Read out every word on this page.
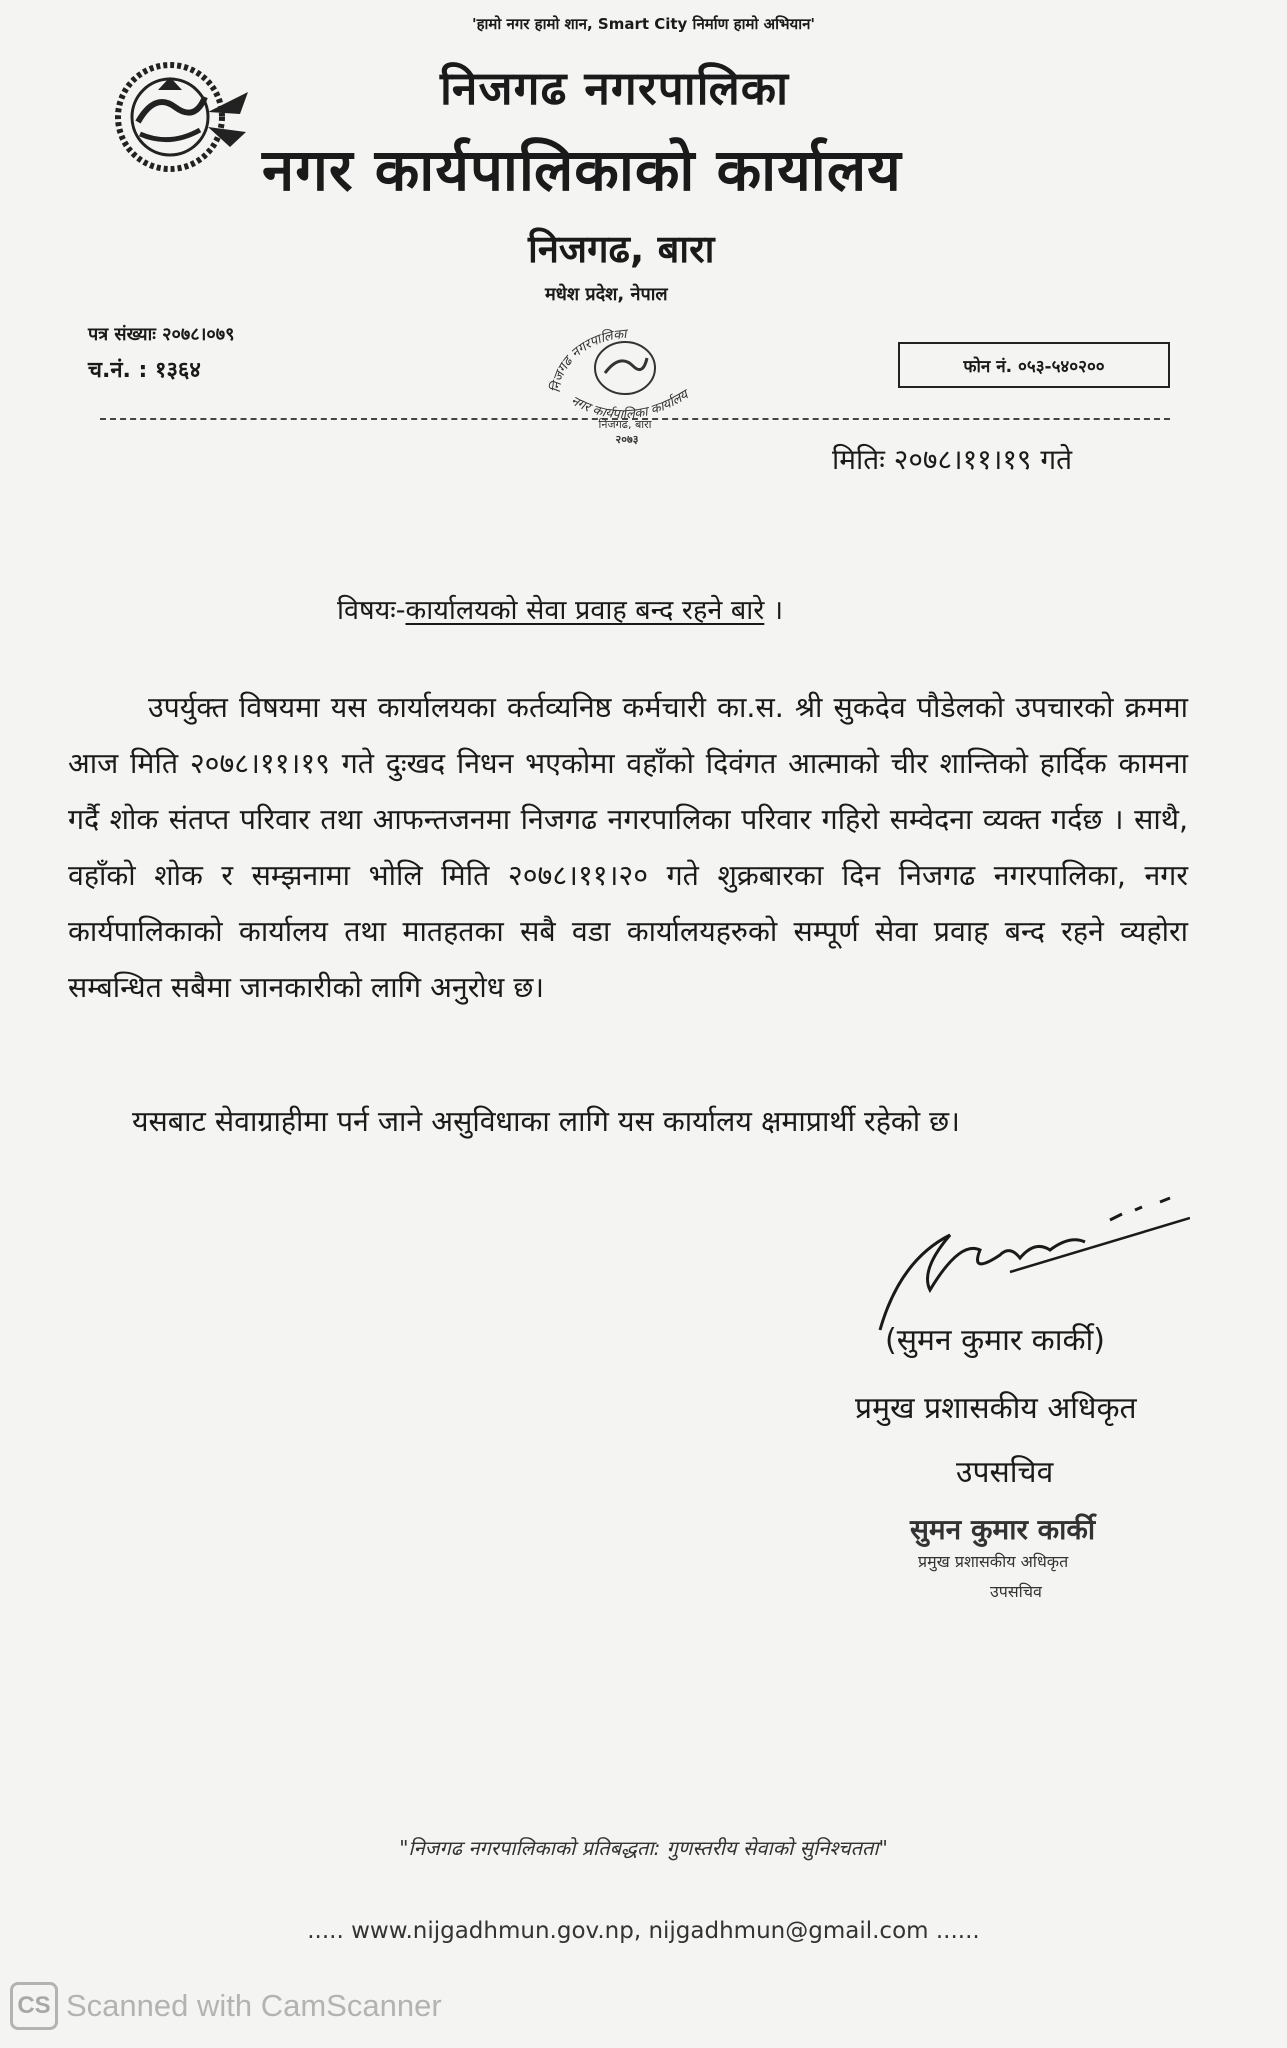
'हामो नगर हामो शान, Smart City निर्माण हामो अभियान'
निजगढ नगरपालिका
नगर कार्यपालिकाको कार्यालय
निजगढ, बारा
मधेश प्रदेश, नेपाल
निजगढ नगरपालिका
नगर कार्यपालिका कार्यालय
निजगढ, बारा
२०७३
पत्र संख्याः २०७८।०७९
च.नं. : १३६४	फोन नं. ०५३-५४०२००
मितिः २०७८।११।१९ गते
विषयः-कार्यालयको सेवा प्रवाह बन्द रहने बारे ।
उपर्युक्त विषयमा यस कार्यालयका कर्तव्यनिष्ठ कर्मचारी का.स. श्री सुकदेव पौडेलको उपचारको क्रममा आज मिति २०७८।११।१९ गते दुःखद निधन भएकोमा वहाँको दिवंगत आत्माको चीर शान्तिको हार्दिक कामना गर्दै शोक संतप्त परिवार तथा आफन्तजनमा निजगढ नगरपालिका परिवार गहिरो सम्वेदना व्यक्त गर्दछ । साथै, वहाँको शोक र सम्झनामा भोलि मिति २०७८।११।२० गते शुक्रबारका दिन निजगढ नगरपालिका, नगर कार्यपालिकाको कार्यालय तथा मातहतका सबै वडा कार्यालयहरुको सम्पूर्ण सेवा प्रवाह बन्द रहने व्यहोरा सम्बन्धित सबैमा जानकारीको लागि अनुरोध छ।
यसबाट सेवाग्राहीमा पर्न जाने असुविधाका लागि यस कार्यालय क्षमाप्रार्थी रहेको छ।
(सुमन कुमार कार्की)
प्रमुख प्रशासकीय अधिकृत
उपसचिव
सुमन कुमार कार्की
प्रमुख प्रशासकीय अधिकृत
उपसचिव
"निजगढ नगरपालिकाको प्रतिबद्धता: गुणस्तरीय सेवाको सुनिश्चतता"
..... www.nijgadhmun.gov.np, nijgadhmun@gmail.com ......
CS Scanned with CamScanner
